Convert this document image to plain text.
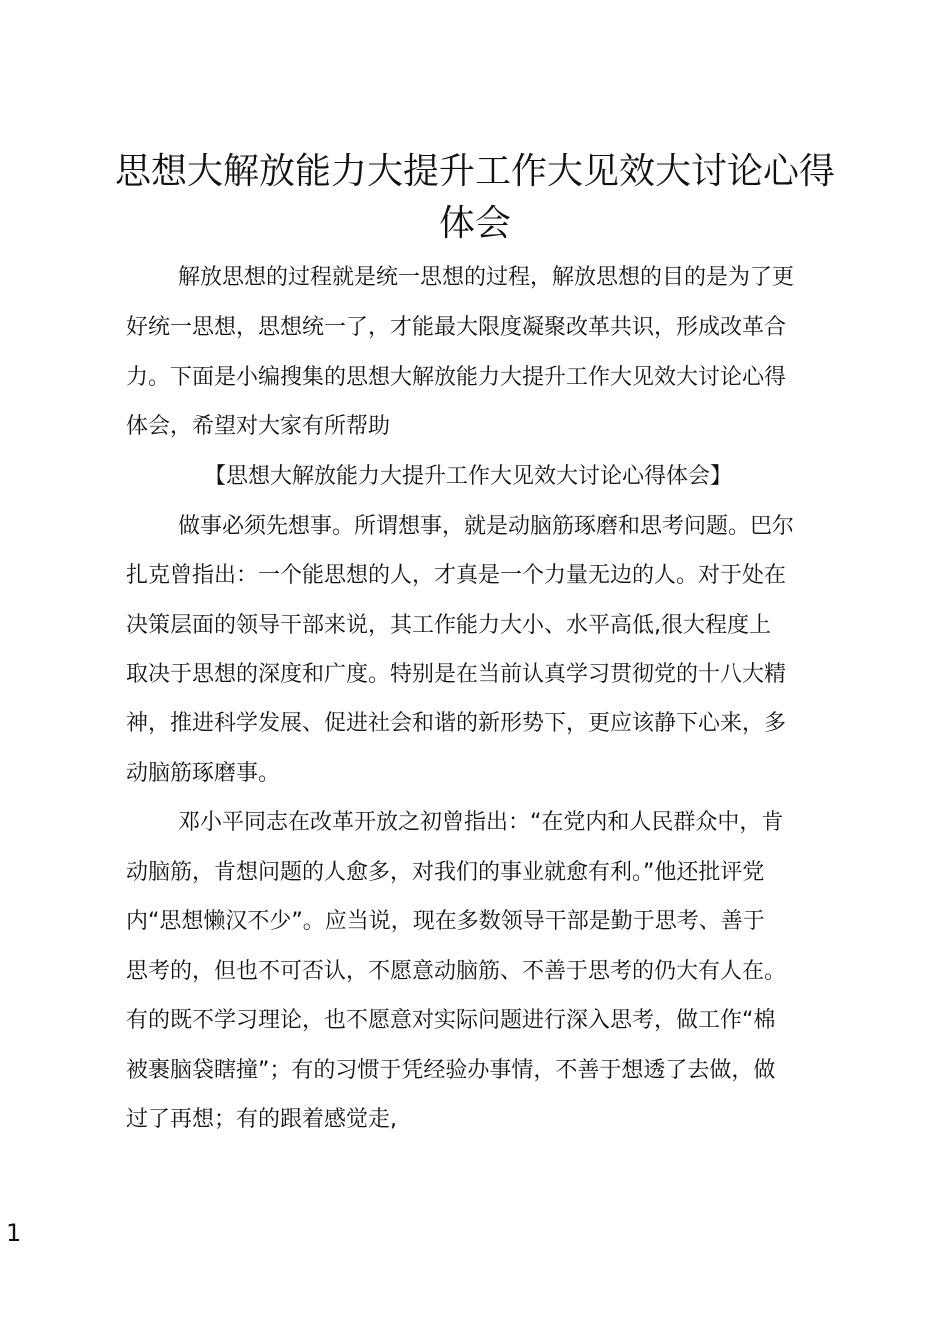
思想大解放能力大提升工作大见效大讨论心得
体会
解放思想的过程就是统一思想的过程，解放思想的目的是为了更
好统一思想，思想统一了，才能最大限度凝聚改革共识，形成改革合
力。下面是小编搜集的思想大解放能力大提升工作大见效大讨论心得
体会，希望对大家有所帮助
【思想大解放能力大提升工作大见效大讨论心得体会】
做事必须先想事。所谓想事，就是动脑筋琢磨和思考问题。巴尔
扎克曾指出：一个能思想的人，才真是一个力量无边的人。对于处在
决策层面的领导干部来说，其工作能力大小、水平高低,很大程度上
取决于思想的深度和广度。特别是在当前认真学习贯彻党的十八大精
神，推进科学发展、促进社会和谐的新形势下，更应该静下心来，多
动脑筋琢磨事。
邓小平同志在改革开放之初曾指出：“在党内和人民群众中，肯
动脑筋，肯想问题的人愈多，对我们的事业就愈有利。”他还批评党
内“思想懒汉不少”。应当说，现在多数领导干部是勤于思考、善于
思考的，但也不可否认，不愿意动脑筋、不善于思考的仍大有人在。
有的既不学习理论，也不愿意对实际问题进行深入思考，做工作“棉
被裹脑袋瞎撞”；有的习惯于凭经验办事情，不善于想透了去做，做
过了再想；有的跟着感觉走,
1
